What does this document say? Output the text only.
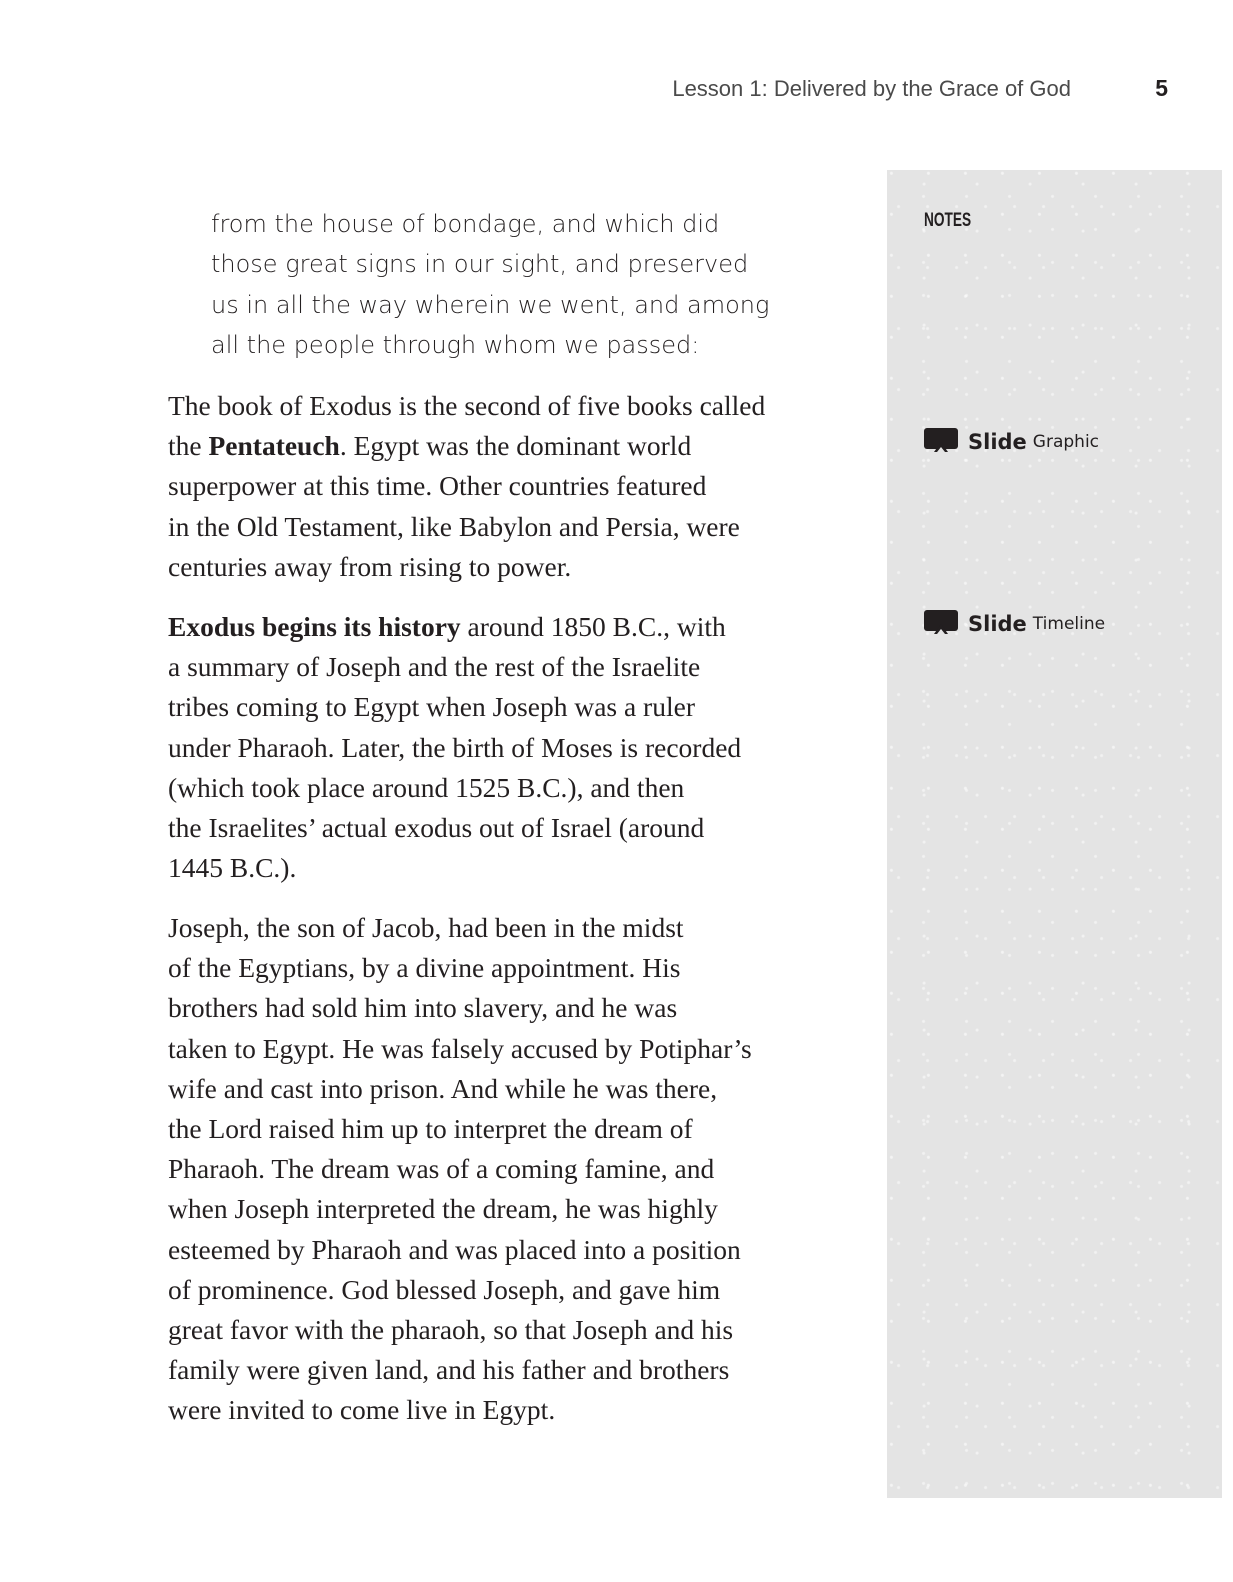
Lesson 1: Delivered by the Grace of God	5
NOTES
Slide Graphic
Slide Timeline
from the house of bondage, and which did
those great signs in our sight, and preserved
us in all the way wherein we went, and among
all the people through whom we passed:
The book of Exodus is the second of five books called
the Pentateuch. Egypt was the dominant world
superpower at this time. Other countries featured
in the Old Testament, like Babylon and Persia, were
centuries away from rising to power.
Exodus begins its history around 1850 B.C., with
a summary of Joseph and the rest of the Israelite
tribes coming to Egypt when Joseph was a ruler
under Pharaoh. Later, the birth of Moses is recorded
(which took place around 1525 B.C.), and then
the Israelites’ actual exodus out of Israel (around
1445 B.C.).
Joseph, the son of Jacob, had been in the midst
of the Egyptians, by a divine appointment. His
brothers had sold him into slavery, and he was
taken to Egypt. He was falsely accused by Potiphar’s
wife and cast into prison. And while he was there,
the Lord raised him up to interpret the dream of
Pharaoh. The dream was of a coming famine, and
when Joseph interpreted the dream, he was highly
esteemed by Pharaoh and was placed into a position
of prominence. God blessed Joseph, and gave him
great favor with the pharaoh, so that Joseph and his
family were given land, and his father and brothers
were invited to come live in Egypt.
